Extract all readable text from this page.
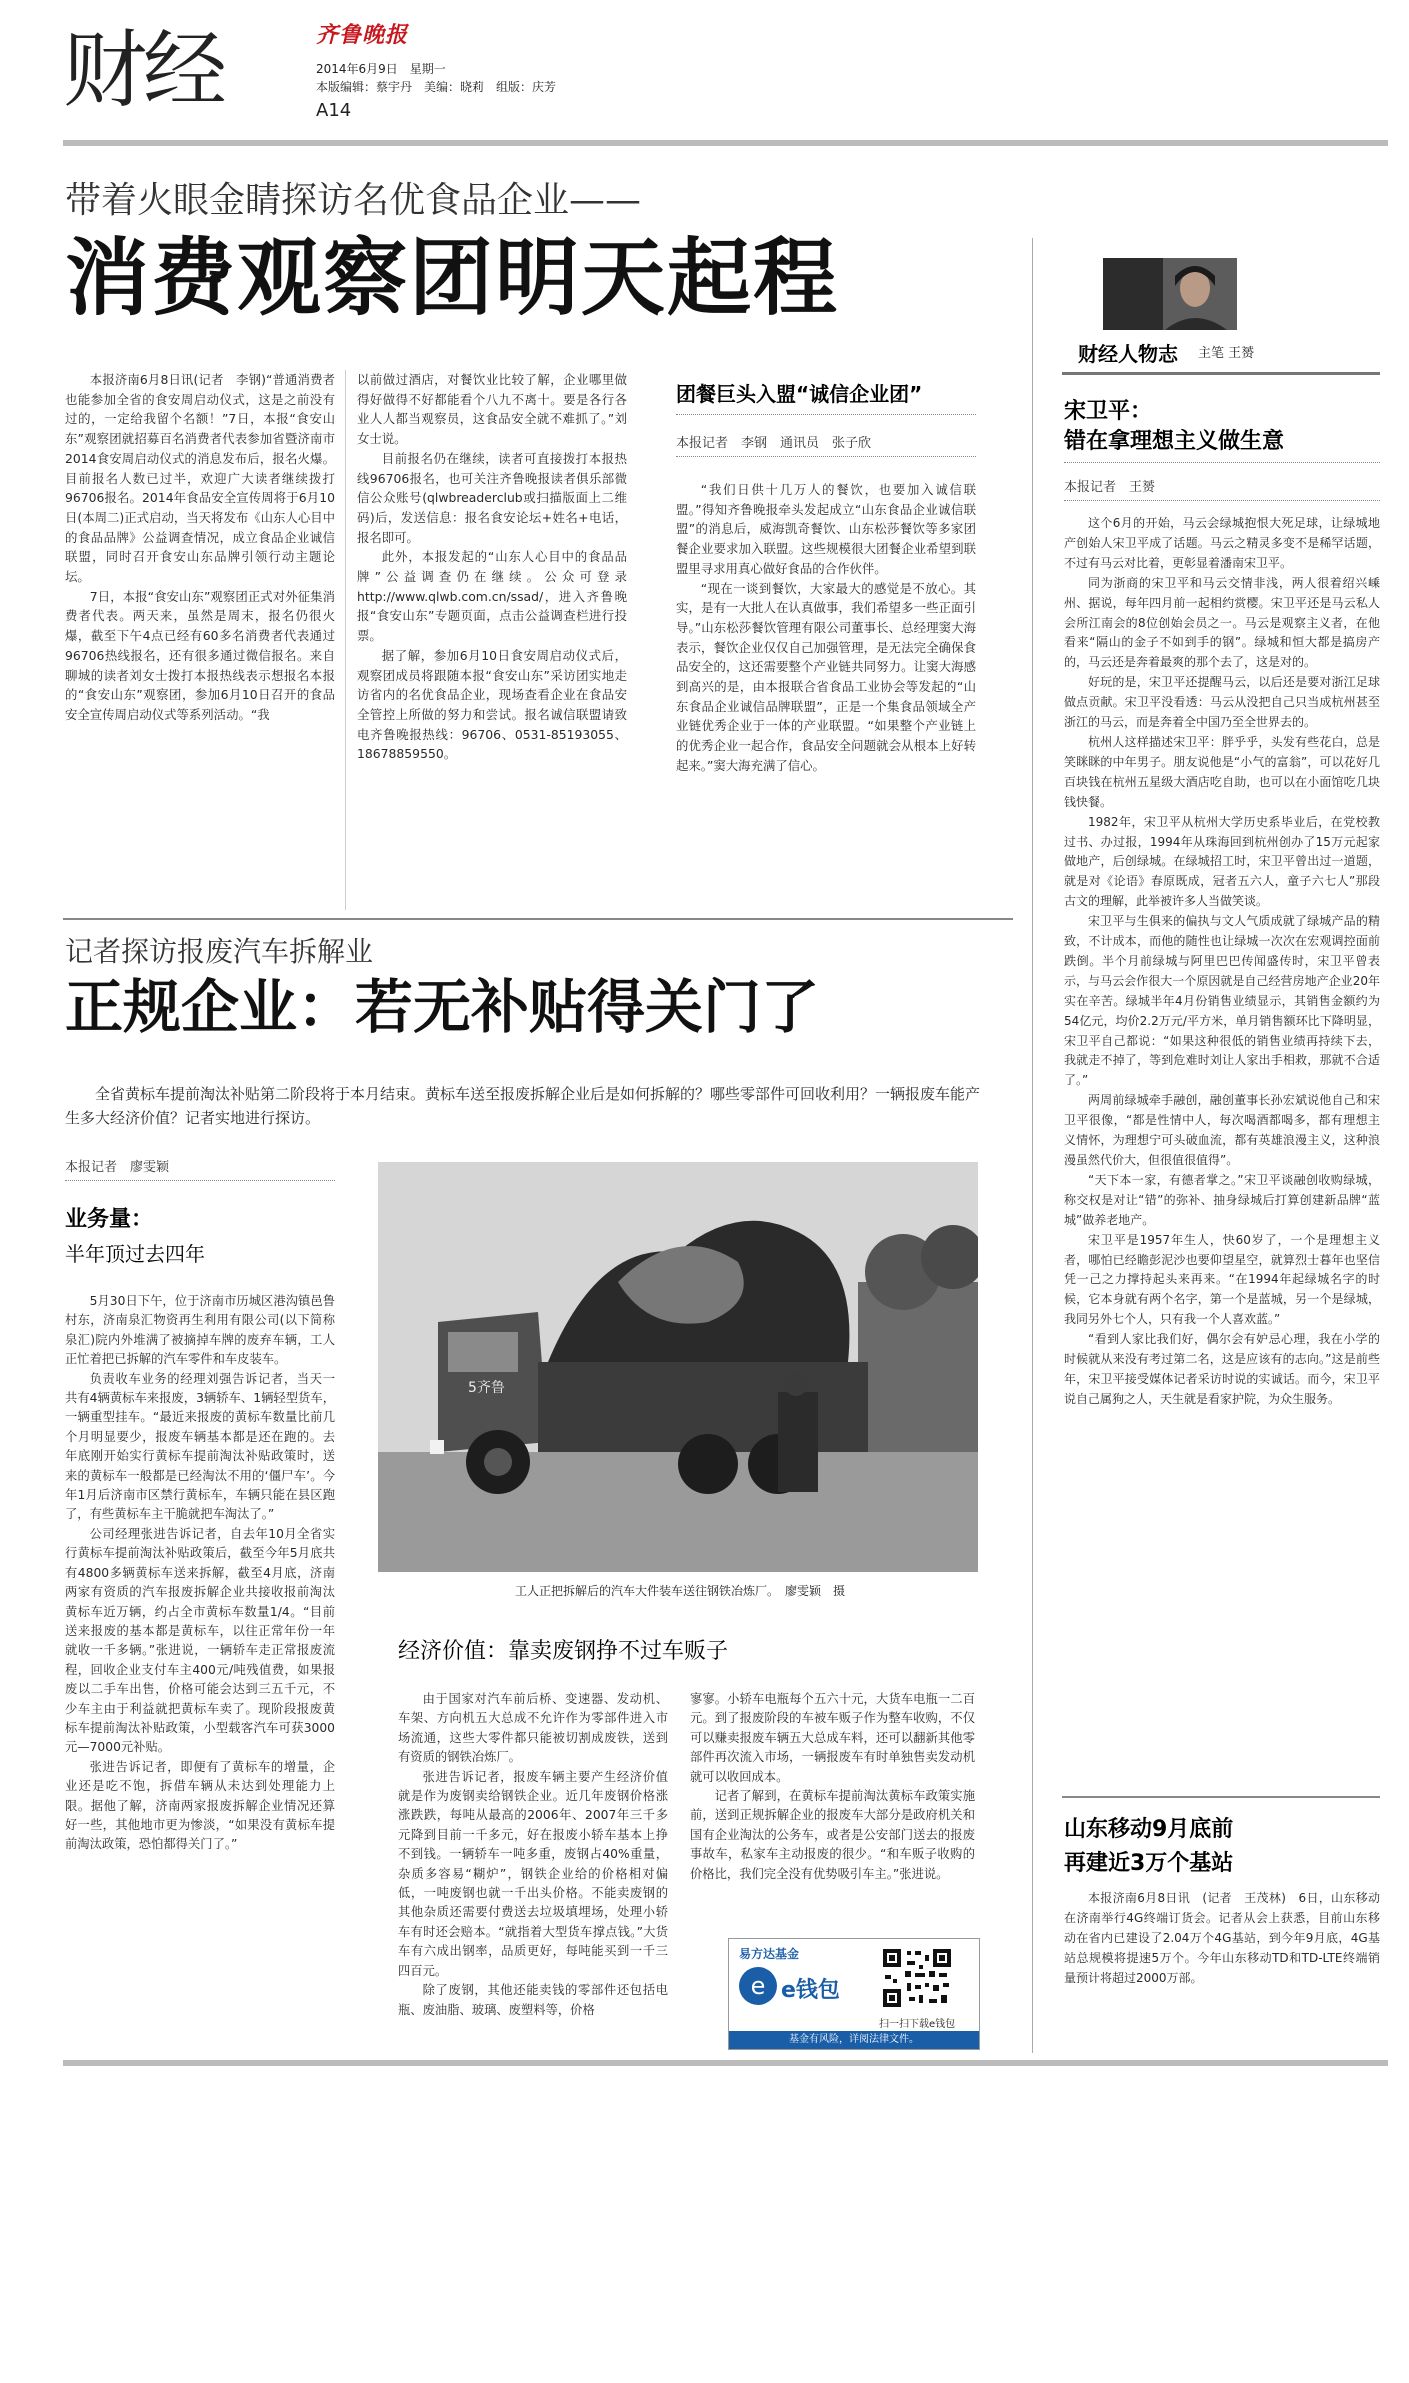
财经	齐鲁晚报
2014年6月9日　星期一
本版编辑：蔡宇丹　美编：晓莉　组版：庆芳
A14
带着火眼金睛探访名优食品企业——
消费观察团明天起程

本报济南6月8日讯(记者　李钢)“普通消费者也能参加全省的食安周启动仪式，这是之前没有过的，一定给我留个名额！”7日，本报“食安山东”观察团就招募百名消费者代表参加省暨济南市2014食安周启动仪式的消息发布后，报名火爆。目前报名人数已过半，欢迎广大读者继续拨打96706报名。2014年食品安全宣传周将于6月10日(本周二)正式启动，当天将发布《山东人心目中的食品品牌》公益调查情况，成立食品企业诚信联盟，同时召开食安山东品牌引领行动主题论坛。

7日，本报“食安山东”观察团正式对外征集消费者代表。两天来，虽然是周末，报名仍很火爆，截至下午4点已经有60多名消费者代表通过96706热线报名，还有很多通过微信报名。来自聊城的读者刘女士拨打本报热线表示想报名本报的“食安山东”观察团，参加6月10日召开的食品安全宣传周启动仪式等系列活动。“我

以前做过酒店，对餐饮业比较了解，企业哪里做得好做得不好都能看个八九不离十。要是各行各业人人都当观察员，这食品安全就不难抓了。”刘女士说。

目前报名仍在继续，读者可直接拨打本报热线96706报名，也可关注齐鲁晚报读者俱乐部微信公众账号(qlwbreaderclub或扫描版面上二维码)后，发送信息：报名食安论坛+姓名+电话，报名即可。

此外，本报发起的“山东人心目中的食品品牌”公益调查仍在继续。公众可登录http://www.qlwb.com.cn/ssad/，进入齐鲁晚报“食安山东”专题页面，点击公益调查栏进行投票。

据了解，参加6月10日食安周启动仪式后，观察团成员将跟随本报“食安山东”采访团实地走访省内的名优食品企业，现场查看企业在食品安全管控上所做的努力和尝试。报名诚信联盟请致电齐鲁晚报热线：96706、0531-85193055、18678859550。

团餐巨头入盟“诚信企业团”
本报记者　李钢　通讯员　张子欣

“我们日供十几万人的餐饮，也要加入诚信联盟。”得知齐鲁晚报牵头发起成立“山东食品企业诚信联盟”的消息后，威海凯奇餐饮、山东松莎餐饮等多家团餐企业要求加入联盟。这些规模很大团餐企业希望到联盟里寻求用真心做好食品的合作伙伴。

“现在一谈到餐饮，大家最大的感觉是不放心。其实，是有一大批人在认真做事，我们希望多一些正面引导。”山东松莎餐饮管理有限公司董事长、总经理窦大海表示，餐饮企业仅仅自己加强管理，是无法完全确保食品安全的，这还需要整个产业链共同努力。让窦大海感到高兴的是，由本报联合省食品工业协会等发起的“山东食品企业诚信品牌联盟”，正是一个集食品领域全产业链优秀企业于一体的产业联盟。“如果整个产业链上的优秀企业一起合作，食品安全问题就会从根本上好转起来。”窦大海充满了信心。

财经人物志 主笔 王赟
宋卫平：
错在拿理想主义做生意
本报记者　王赟

这个6月的开始，马云会绿城抱恨大死足球，让绿城地产创始人宋卫平成了话题。马云之精灵多变不是稀罕话题，不过有马云对比着，更彰显着潘南宋卫平。

同为浙商的宋卫平和马云交情非浅，两人很着绍兴嵊州、据说，每年四月前一起相约赏樱。宋卫平还是马云私人会所江南会的8位创始会员之一。马云是观察主义者，在他看来“隔山的金子不如到手的钢”。绿城和恒大都是搞房产的，马云还是奔着最爽的那个去了，这是对的。

好玩的是，宋卫平还提醒马云，以后还是要对浙江足球做点贡献。宋卫平没看透：马云从没把自己只当成杭州甚至浙江的马云，而是奔着全中国乃至全世界去的。

杭州人这样描述宋卫平：胖乎乎，头发有些花白，总是笑眯眯的中年男子。朋友说他是“小气的富翁”，可以花好几百块钱在杭州五星级大酒店吃自助，也可以在小面馆吃几块钱快餐。

1982年，宋卫平从杭州大学历史系毕业后，在党校教过书、办过报，1994年从珠海回到杭州创办了15万元起家做地产，后创绿城。在绿城招工时，宋卫平曾出过一道题，就是对《论语》春原既成，冠者五六人，童子六七人”那段古文的理解，此举被许多人当做笑谈。

宋卫平与生俱来的偏执与文人气质成就了绿城产品的精致，不计成本，而他的随性也让绿城一次次在宏观调控面前跌倒。半个月前绿城与阿里巴巴传闻盛传时，宋卫平曾表示，与马云会作很大一个原因就是自己经营房地产企业20年实在辛苦。绿城半年4月份销售业绩显示，其销售金额约为54亿元，均价2.2万元/平方米，单月销售额环比下降明显，宋卫平自己都说：“如果这种很低的销售业绩再持续下去，我就走不掉了，等到危难时刘让人家出手相救，那就不合适了。”

两周前绿城牵手融创，融创董事长孙宏斌说他自己和宋卫平很像，“都是性情中人，每次喝酒都喝多，都有理想主义情怀，为理想宁可头破血流，都有英雄浪漫主义，这种浪漫虽然代价大，但很值很值得”。

“天下本一家，有德者掌之。”宋卫平谈融创收购绿城，称交权是对让“错”的弥补、抽身绿城后打算创建新品牌“蓝城”做养老地产。

宋卫平是1957年生人，快60岁了，一个是理想主义者，哪怕已经瞻彭泥沙也要仰望星空，就算烈士暮年也坚信凭一己之力撑持起头来再来。“在1994年起绿城名字的时候，它本身就有两个名字，第一个是蓝城，另一个是绿城，我同另外七个人，只有我一个人喜欢蓝。”

“看到人家比我们好，偶尔会有妒忌心理，我在小学的时候就从来没有考过第二名，这是应该有的志向。”这是前些年，宋卫平接受媒体记者采访时说的实诚话。而今，宋卫平说自己属狗之人，天生就是看家护院，为众生服务。

山东移动9月底前
再建近3万个基站

本报济南6月8日讯　(记者　王茂林)　6日，山东移动在济南举行4G终端订货会。记者从会上获悉，目前山东移动在省内已建设了2.04万个4G基站，到今年9月底，4G基站总规模将提速5万个。今年山东移动TD和TD-LTE终端销量预计将超过2000万部。

记者探访报废汽车拆解业
正规企业：若无补贴得关门了
全省黄标车提前淘汰补贴第二阶段将于本月结束。黄标车送至报废拆解企业后是如何拆解的？哪些零部件可回收利用？一辆报废车能产生多大经济价值？记者实地进行探访。
本报记者　廖雯颖
业务量：
半年顶过去四年

5月30日下午，位于济南市历城区港沟镇邑鲁村东，济南泉汇物资再生利用有限公司(以下简称泉汇)院内外堆满了被摘掉车牌的废弃车辆，工人正忙着把已拆解的汽车零件和车皮装车。

负责收车业务的经理刘强告诉记者，当天一共有4辆黄标车来报废，3辆轿车、1辆轻型货车，一辆重型挂车。“最近来报废的黄标车数量比前几个月明显要少，报废车辆基本都是还在跑的。去年底刚开始实行黄标车提前淘汰补贴政策时，送来的黄标车一般都是已经淘汰不用的‘僵尸车’。今年1月后济南市区禁行黄标车，车辆只能在县区跑了，有些黄标车主干脆就把车淘汰了。”

公司经理张进告诉记者，自去年10月全省实行黄标车提前淘汰补贴政策后，截至今年5月底共有4800多辆黄标车送来拆解，截至4月底，济南两家有资质的汽车报废拆解企业共接收报前淘汰黄标车近万辆，约占全市黄标车数量1/4。“目前送来报废的基本都是黄标车，以往正常年份一年就收一千多辆。”张进说，一辆轿车走正常报废流程，回收企业支付车主400元/吨残值费，如果报废以二手车出售，价格可能会达到三五千元，不少车主由于利益就把黄标车卖了。现阶段报废黄标车提前淘汰补贴政策，小型载客汽车可获3000元—7000元补贴。

张进告诉记者，即便有了黄标车的增量，企业还是吃不饱，拆借车辆从未达到处理能力上限。据他了解，济南两家报废拆解企业情况还算好一些，其他地市更为惨淡，“如果没有黄标车提前淘汰政策，恐怕都得关门了。”

5齐鲁
工人正把拆解后的汽车大件装车送往钢铁冶炼厂。　廖雯颖　摄
经济价值：靠卖废钢挣不过车贩子

由于国家对汽车前后桥、变速器、发动机、车架、方向机五大总成不允许作为零部件进入市场流通，这些大零件都只能被切割成废铁，送到有资质的钢铁冶炼厂。

张进告诉记者，报废车辆主要产生经济价值就是作为废钢卖给钢铁企业。近几年废钢价格涨涨跌跌，每吨从最高的2006年、2007年三千多元降到目前一千多元，好在报废小轿车基本上挣不到钱。一辆轿车一吨多重，废钢占40%重量，杂质多容易“糊炉”，钢铁企业给的价格相对偏低，一吨废钢也就一千出头价格。不能卖废钢的其他杂质还需要付费送去垃圾填埋场，处理小轿车有时还会赔本。“就指着大型货车撑点钱。”大货车有六成出钢率，品质更好，每吨能买到一千三四百元。

除了废钢，其他还能卖钱的零部件还包括电瓶、废油脂、玻璃、废塑料等，价格

寥寥。小轿车电瓶每个五六十元，大货车电瓶一二百元。到了报废阶段的车被车贩子作为整车收购，不仅可以赚卖报废车辆五大总成车料，还可以翻新其他零部件再次流入市场，一辆报废车有时单独售卖发动机就可以收回成本。

记者了解到，在黄标车提前淘汰黄标车政策实施前，送到正规拆解企业的报废车大部分是政府机关和国有企业淘汰的公务车，或者是公安部门送去的报废事故车，私家车主动报废的很少。“和车贩子收购的价格比，我们完全没有优势吸引车主。”张进说。

易方达基金
e e钱包
扫一扫下载e钱包
基金有风险，详阅法律文件。
